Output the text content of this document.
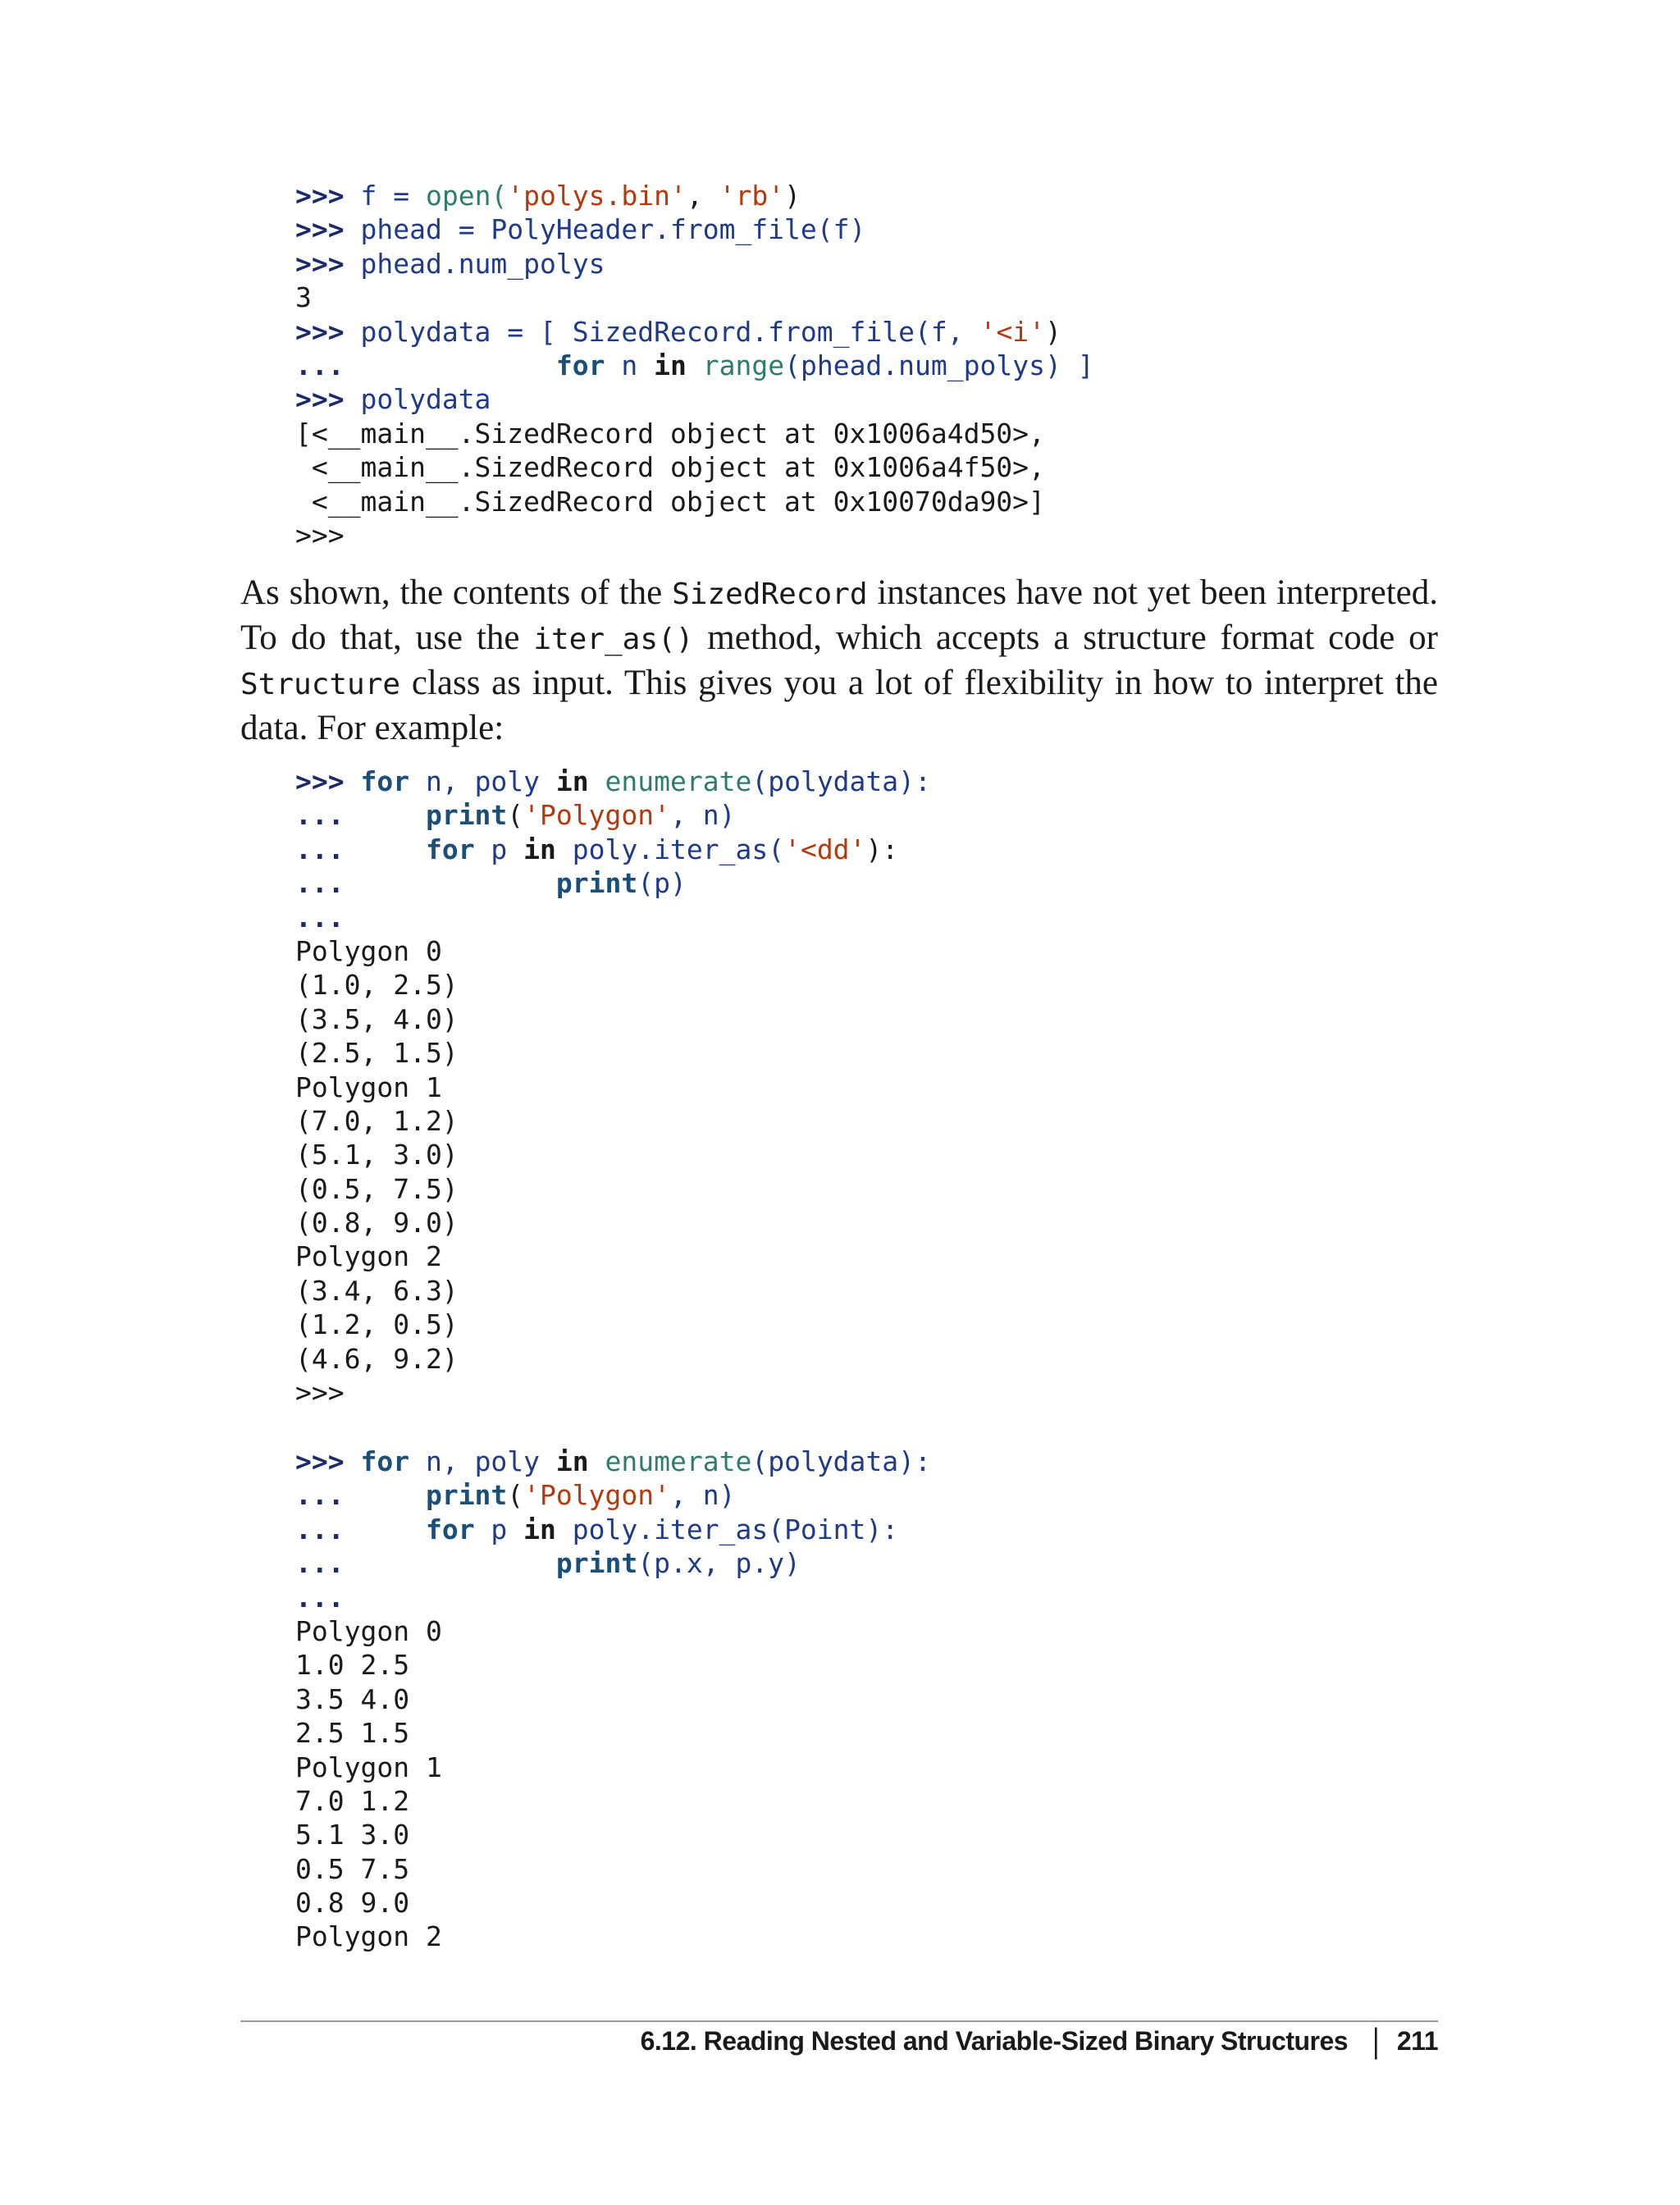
>>> f = open('polys.bin', 'rb')
>>> phead = PolyHeader.from_file(f)
>>> phead.num_polys
3
>>> polydata = [ SizedRecord.from_file(f, '<i')
...	for n in range(phead.num_polys) ]
>>> polydata
[<__main__.SizedRecord object at 0x1006a4d50>,
<__main__.SizedRecord object at 0x1006a4f50>,
<__main__.SizedRecord object at 0x10070da90>]
>>>

As shown, the contents of the SizedRecord instances have not yet been interpreted. To do that, use the iter_as() method, which accepts a structure format code or Structure class as input. This gives you a lot of flexibility in how to interpret the data. For example:

>>> for n, poly in enumerate(polydata):
...     print('Polygon', n)
...     for p in poly.iter_as('<dd'):
...             print(p)
...
Polygon 0
(1.0, 2.5)
(3.5, 4.0)
(2.5, 1.5)
Polygon 1
(7.0, 1.2)
(5.1, 3.0)
(0.5, 7.5)
(0.8, 9.0)
Polygon 2
(3.4, 6.3)
(1.2, 0.5)
(4.6, 9.2)
>>>
>>> for n, poly in enumerate(polydata):
...     print('Polygon', n)
...     for p in poly.iter_as(Point):
...             print(p.x, p.y)
...
Polygon 0
1.0 2.5
3.5 4.0
2.5 1.5
Polygon 1
7.0 1.2
5.1 3.0
0.5 7.5
0.8 9.0
Polygon 2
6.12. Reading Nested and Variable-Sized Binary Structures | 211
